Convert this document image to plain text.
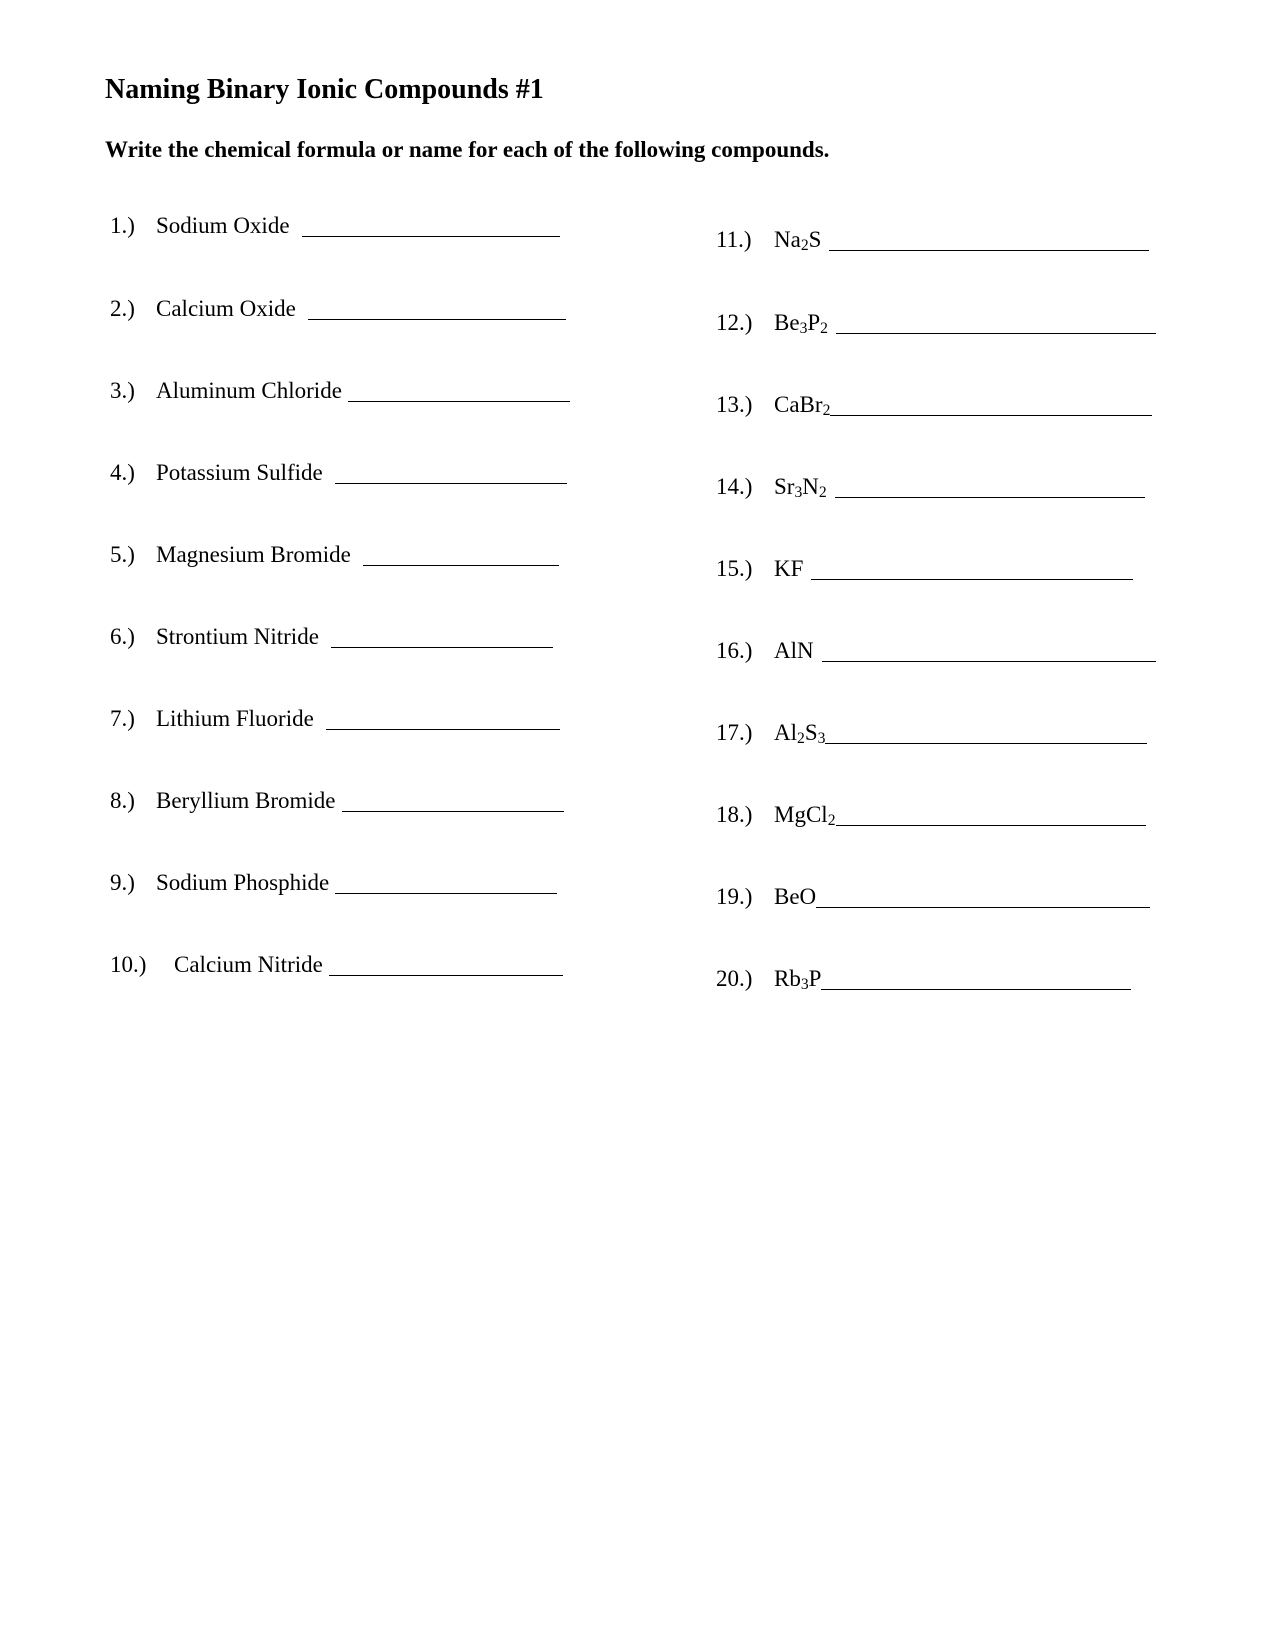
Naming Binary Ionic Compounds #1

Write the chemical formula or name for each of the following compounds.

1.) Sodium Oxide
2.) Calcium Oxide
3.) Aluminum Chloride
4.) Potassium Sulfide
5.) Magnesium Bromide
6.) Strontium Nitride
7.) Lithium Fluoride
8.) Beryllium Bromide
9.) Sodium Phosphide
10.)	Calcium Nitride
11.) $Na_2S$
12.) $Be_3P_2$
13.) CaBr$_2$
14.) $Sr_3N_2$
15.) KF
16.) AlN
17.) $Al_2S_3$
18.) MgCl$_2$
19.) BeO
20.) $Rb_3P$
